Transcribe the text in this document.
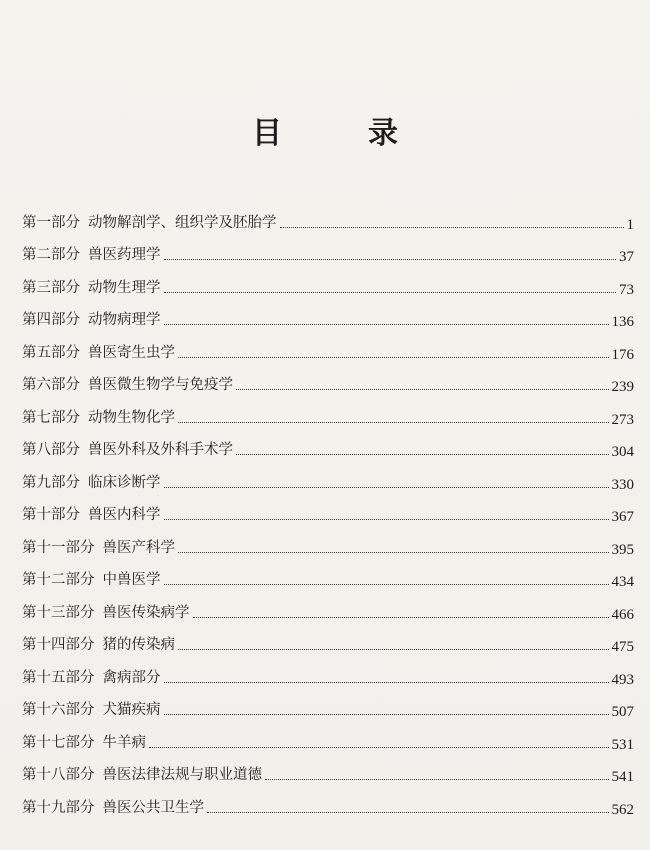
目　录
第一部分 动物解剖学、组织学及胚胎学	1
第二部分 兽医药理学	37
第三部分 动物生理学	73
第四部分 动物病理学	136
第五部分 兽医寄生虫学	176
第六部分 兽医微生物学与免疫学	239
第七部分 动物生物化学	273
第八部分 兽医外科及外科手术学	304
第九部分 临床诊断学	330
第十部分 兽医内科学	367
第十一部分 兽医产科学	395
第十二部分 中兽医学	434
第十三部分 兽医传染病学	466
第十四部分 猪的传染病	475
第十五部分 禽病部分	493
第十六部分 犬猫疾病	507
第十七部分 牛羊病	531
第十八部分 兽医法律法规与职业道德	541
第十九部分 兽医公共卫生学	562
